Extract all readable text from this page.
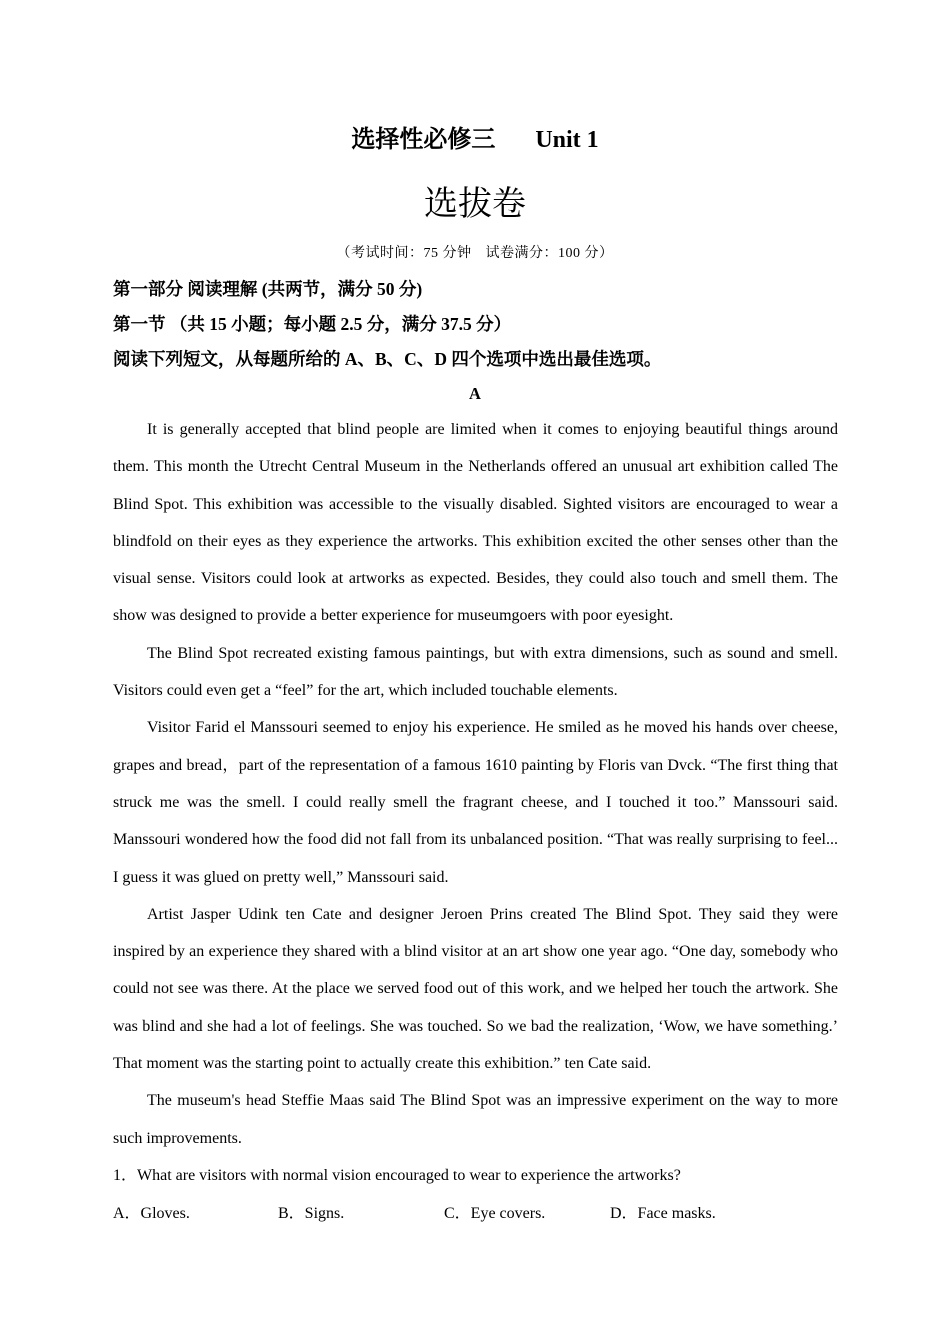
选择性必修三 Unit 1
选拔卷
（考试时间：75 分钟 试卷满分：100 分）
第一部分 阅读理解 (共两节，满分 50 分)
第一节 （共 15 小题；每小题 2.5 分，满分 37.5 分）
阅读下列短文，从每题所给的 A、B、C、D 四个选项中选出最佳选项。
A

It is generally accepted that blind people are limited when it comes to enjoying beautiful things around them. This month the Utrecht Central Museum in the Netherlands offered an unusual art exhibition called The Blind Spot. This exhibition was accessible to the visually disabled. Sighted visitors are encouraged to wear a blindfold on their eyes as they experience the artworks. This exhibition excited the other senses other than the visual sense. Visitors could look at artworks as expected. Besides, they could also touch and smell them. The show was designed to provide a better experience for museumgoers with poor eyesight.

The Blind Spot recreated existing famous paintings, but with extra dimensions, such as sound and smell. Visitors could even get a “feel” for the art, which included touchable elements.

Visitor Farid el Manssouri seemed to enjoy his experience. He smiled as he moved his hands over cheese, grapes and bread，part of the representation of a famous 1610 painting by Floris van Dvck. “The first thing that struck me was the smell. I could really smell the fragrant cheese, and I touched it too.” Manssouri said. Manssouri wondered how the food did not fall from its unbalanced position. “That was really surprising to feel... I guess it was glued on pretty well,” Manssouri said.

Artist Jasper Udink ten Cate and designer Jeroen Prins created The Blind Spot. They said they were inspired by an experience they shared with a blind visitor at an art show one year ago. “One day, somebody who could not see was there. At the place we served food out of this work, and we helped her touch the artwork. She was blind and she had a lot of feelings. She was touched. So we bad the realization, ‘Wow, we have something.’ That moment was the starting point to actually create this exhibition.” ten Cate said.

The museum's head Steffie Maas said The Blind Spot was an impressive experiment on the way to more such improvements.

1．What are visitors with normal vision encouraged to wear to experience the artworks?
A．Gloves.	B．Signs.	C．Eye covers.	D．Face masks.
